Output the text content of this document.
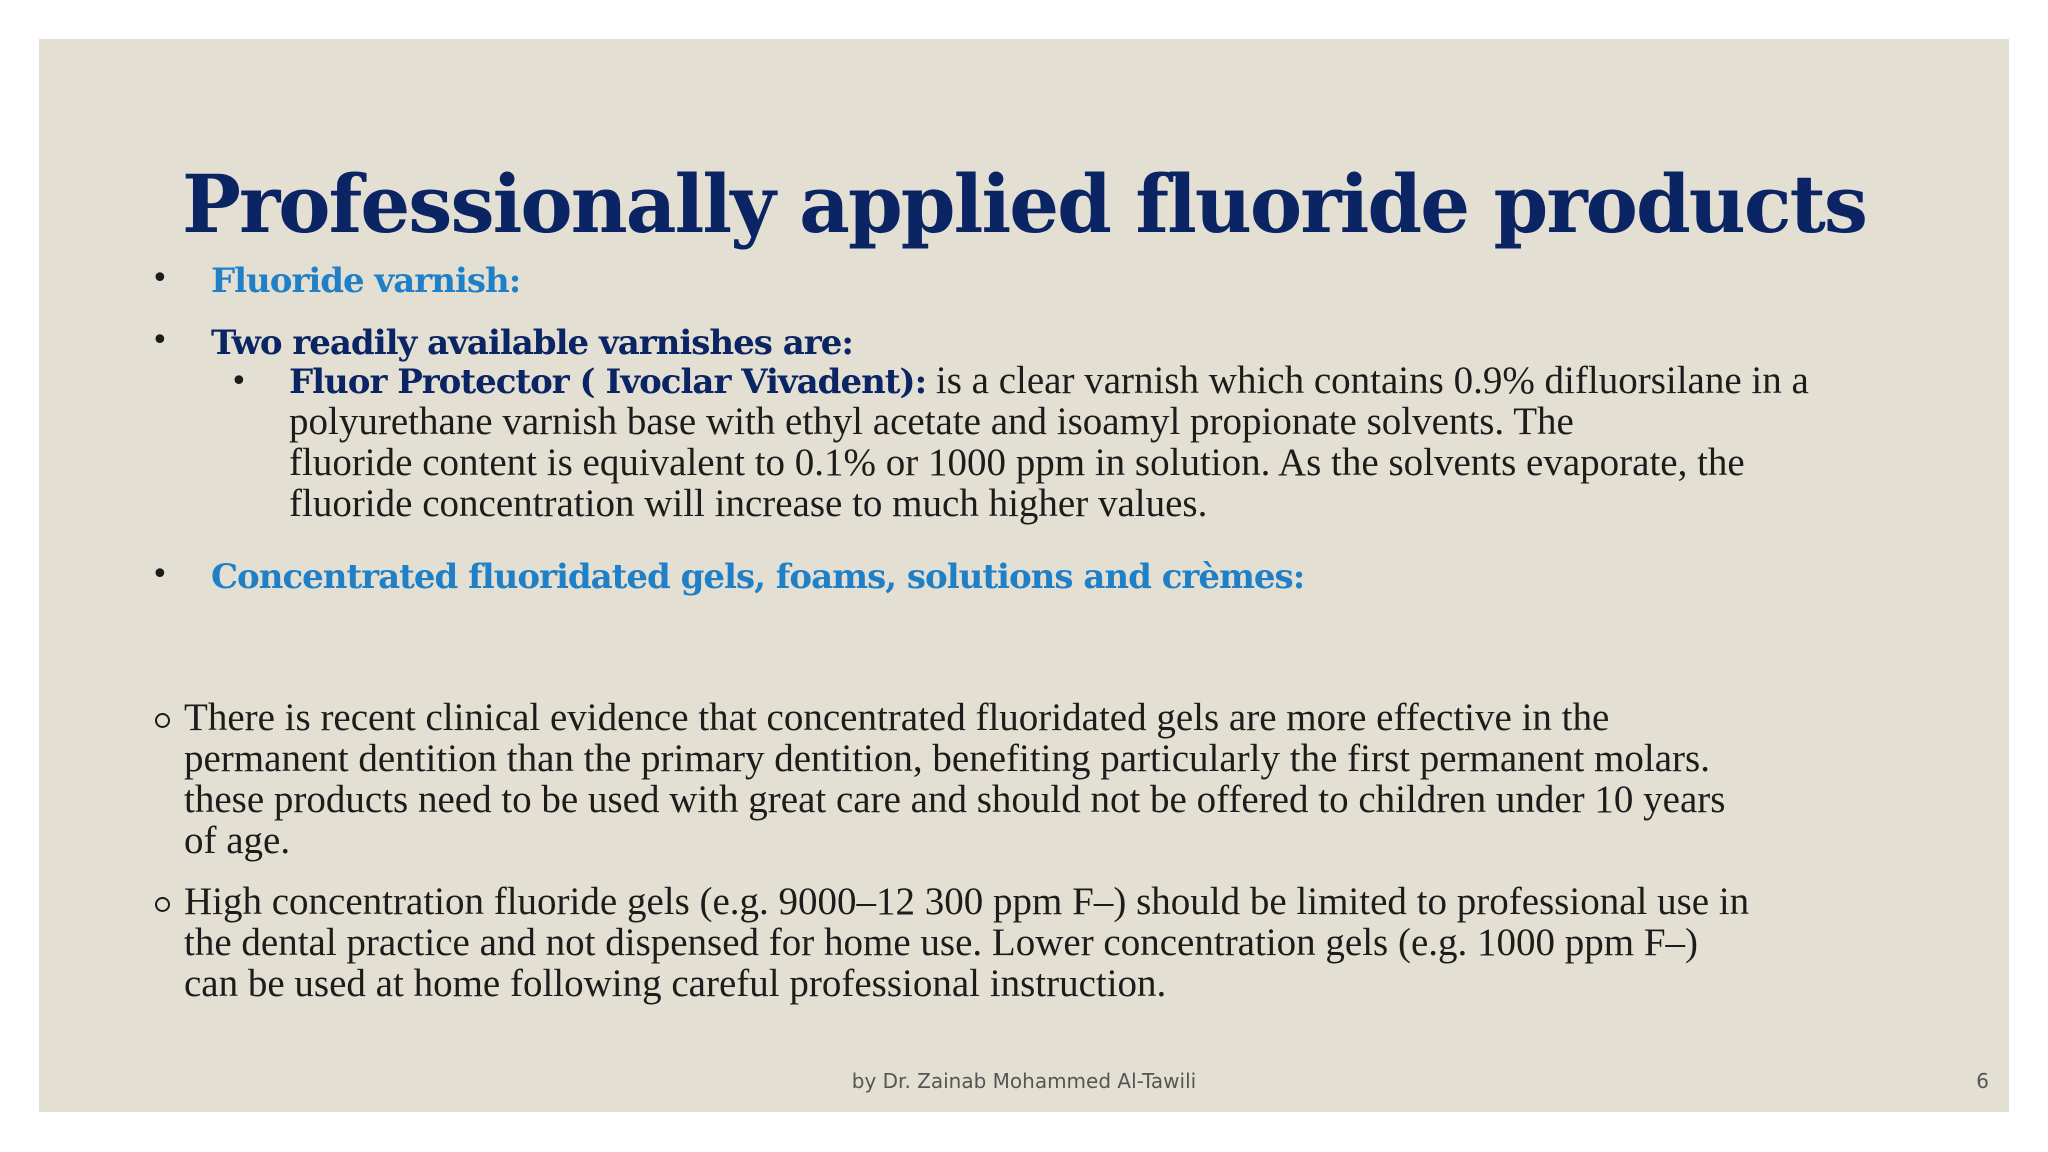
Professionally applied fluoride products
• Fluoride varnish:
• Two readily available varnishes are:
• Fluor Protector ( Ivoclar Vivadent): is a clear varnish which contains 0.9% difluorsilane in a
polyurethane varnish base with ethyl acetate and isoamyl propionate solvents. The
fluoride content is equivalent to 0.1% or 1000 ppm in solution. As the solvents evaporate, the
fluoride concentration will increase to much higher values.
• Concentrated fluoridated gels, foams, solutions and crèmes:
There is recent clinical evidence that concentrated fluoridated gels are more effective in the
permanent dentition than the primary dentition, benefiting particularly the first permanent molars.
these products need to be used with great care and should not be offered to children under 10 years
of age.
High concentration fluoride gels (e.g. 9000–12 300 ppm F–) should be limited to professional use in
the dental practice and not dispensed for home use. Lower concentration gels (e.g. 1000 ppm F–)
can be used at home following careful professional instruction.
by Dr. Zainab Mohammed Al-Tawili	6
